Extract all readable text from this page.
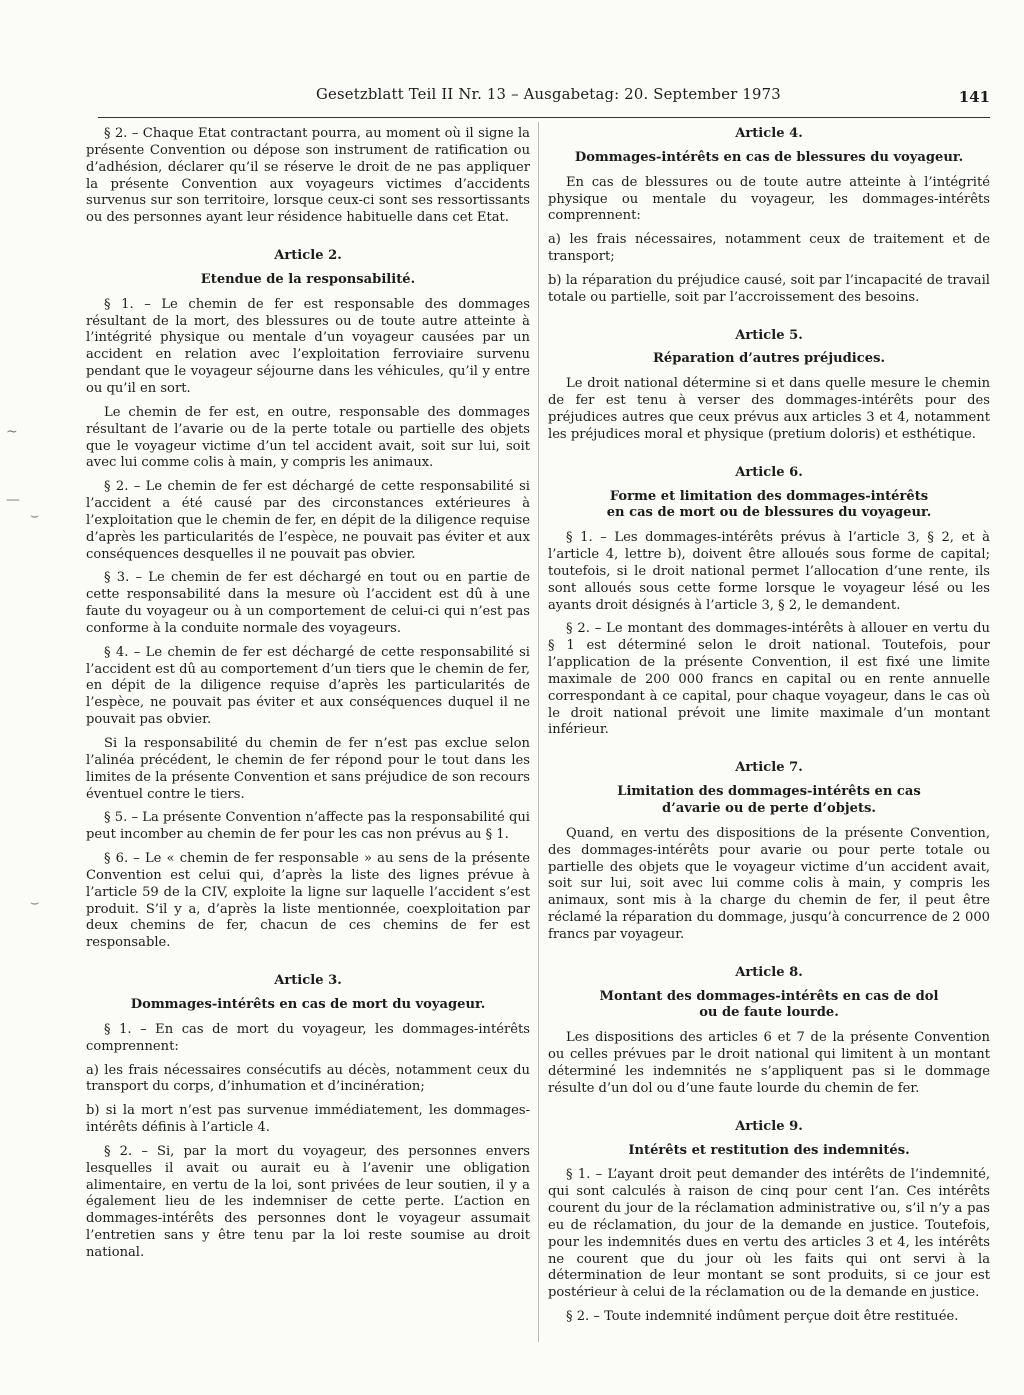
Gesetzblatt Teil II Nr. 13 – Ausgabetag: 20. September 1973	141
~
—
⌣
⌣

§ 2. – Chaque Etat contractant pourra, au moment où il signe la présente Convention ou dépose son instrument de ratification ou d’adhésion, déclarer qu’il se réserve le droit de ne pas appliquer la présente Convention aux voyageurs victimes d’accidents survenus sur son territoire, lorsque ceux-ci sont ses ressortissants ou des personnes ayant leur résidence habituelle dans cet Etat.

Article 2.
Etendue de la responsabilité.

§ 1. – Le chemin de fer est responsable des dommages résultant de la mort, des blessures ou de toute autre atteinte à l’intégrité physique ou mentale d’un voyageur causées par un accident en relation avec l’exploitation ferroviaire survenu pendant que le voyageur séjourne dans les véhicules, qu’il y entre ou qu’il en sort.

Le chemin de fer est, en outre, responsable des dommages résultant de l’avarie ou de la perte totale ou partielle des objets que le voyageur victime d’un tel accident avait, soit sur lui, soit avec lui comme colis à main, y compris les animaux.

§ 2. – Le chemin de fer est déchargé de cette responsabilité si l’accident a été causé par des circonstances extérieures à l’exploitation que le chemin de fer, en dépit de la diligence requise d’après les particularités de l’espèce, ne pouvait pas éviter et aux conséquences desquelles il ne pouvait pas obvier.

§ 3. – Le chemin de fer est déchargé en tout ou en partie de cette responsabilité dans la mesure où l’accident est dû à une faute du voyageur ou à un comportement de celui-ci qui n’est pas conforme à la conduite normale des voyageurs.

§ 4. – Le chemin de fer est déchargé de cette responsabilité si l’accident est dû au comportement d’un tiers que le chemin de fer, en dépit de la diligence requise d’après les particularités de l’espèce, ne pouvait pas éviter et aux conséquences duquel il ne pouvait pas obvier.

Si la responsabilité du chemin de fer n’est pas exclue selon l’alinéa précédent, le chemin de fer répond pour le tout dans les limites de la présente Convention et sans préjudice de son recours éventuel contre le tiers.

§ 5. – La présente Convention n’affecte pas la responsabilité qui peut incomber au chemin de fer pour les cas non prévus au § 1.

§ 6. – Le « chemin de fer responsable » au sens de la présente Convention est celui qui, d’après la liste des lignes prévue à l’article 59 de la CIV, exploite la ligne sur laquelle l’accident s’est produit. S’il y a, d’après la liste mentionnée, coexploitation par deux chemins de fer, chacun de ces chemins de fer est responsable.

Article 3.
Dommages-intérêts en cas de mort du voyageur.

§ 1. – En cas de mort du voyageur, les dommages-intérêts comprennent:

a) les frais nécessaires consécutifs au décès, notamment ceux du transport du corps, d’inhumation et d’incinération;

b) si la mort n’est pas survenue immédiatement, les dommages-intérêts définis à l’article 4.

§ 2. – Si, par la mort du voyageur, des personnes envers lesquelles il avait ou aurait eu à l’avenir une obligation alimentaire, en vertu de la loi, sont privées de leur soutien, il y a également lieu de les indemniser de cette perte. L’action en dommages-intérêts des personnes dont le voyageur assumait l’entretien sans y être tenu par la loi reste soumise au droit national.

Article 4.
Dommages-intérêts en cas de blessures du voyageur.

En cas de blessures ou de toute autre atteinte à l’intégrité physique ou mentale du voyageur, les dommages-intérêts comprennent:

a) les frais nécessaires, notamment ceux de traitement et de transport;

b) la réparation du préjudice causé, soit par l’incapacité de travail totale ou partielle, soit par l’accroissement des besoins.

Article 5.
Réparation d’autres préjudices.

Le droit national détermine si et dans quelle mesure le chemin de fer est tenu à verser des dommages-intérêts pour des préjudices autres que ceux prévus aux articles 3 et 4, notamment les préjudices moral et physique (pretium doloris) et esthétique.

Article 6.
Forme et limitation des dommages-intérêts
en cas de mort ou de blessures du voyageur.

§ 1. – Les dommages-intérêts prévus à l’article 3, § 2, et à l’article 4, lettre b), doivent être alloués sous forme de capital; toutefois, si le droit national permet l’allocation d’une rente, ils sont alloués sous cette forme lorsque le voyageur lésé ou les ayants droit désignés à l’article 3, § 2, le demandent.

§ 2. – Le montant des dommages-intérêts à allouer en vertu du § 1 est déterminé selon le droit national. Toutefois, pour l’application de la présente Convention, il est fixé une limite maximale de 200 000 francs en capital ou en rente annuelle correspondant à ce capital, pour chaque voyageur, dans le cas où le droit national prévoit une limite maximale d’un montant inférieur.

Article 7.
Limitation des dommages-intérêts en cas
d’avarie ou de perte d’objets.

Quand, en vertu des dispositions de la présente Convention, des dommages-intérêts pour avarie ou pour perte totale ou partielle des objets que le voyageur victime d’un accident avait, soit sur lui, soit avec lui comme colis à main, y compris les animaux, sont mis à la charge du chemin de fer, il peut être réclamé la réparation du dommage, jusqu’à concurrence de 2 000 francs par voyageur.

Article 8.
Montant des dommages-intérêts en cas de dol
ou de faute lourde.

Les dispositions des articles 6 et 7 de la présente Convention ou celles prévues par le droit national qui limitent à un montant déterminé les indemnités ne s’appliquent pas si le dommage résulte d’un dol ou d’une faute lourde du chemin de fer.

Article 9.
Intérêts et restitution des indemnités.

§ 1. – L’ayant droit peut demander des intérêts de l’indemnité, qui sont calculés à raison de cinq pour cent l’an. Ces intérêts courent du jour de la réclamation administrative ou, s’il n’y a pas eu de réclamation, du jour de la demande en justice. Toutefois, pour les indemnités dues en vertu des articles 3 et 4, les intérêts ne courent que du jour où les faits qui ont servi à la détermination de leur montant se sont produits, si ce jour est postérieur à celui de la réclamation ou de la demande en justice.

§ 2. – Toute indemnité indûment perçue doit être restituée.
